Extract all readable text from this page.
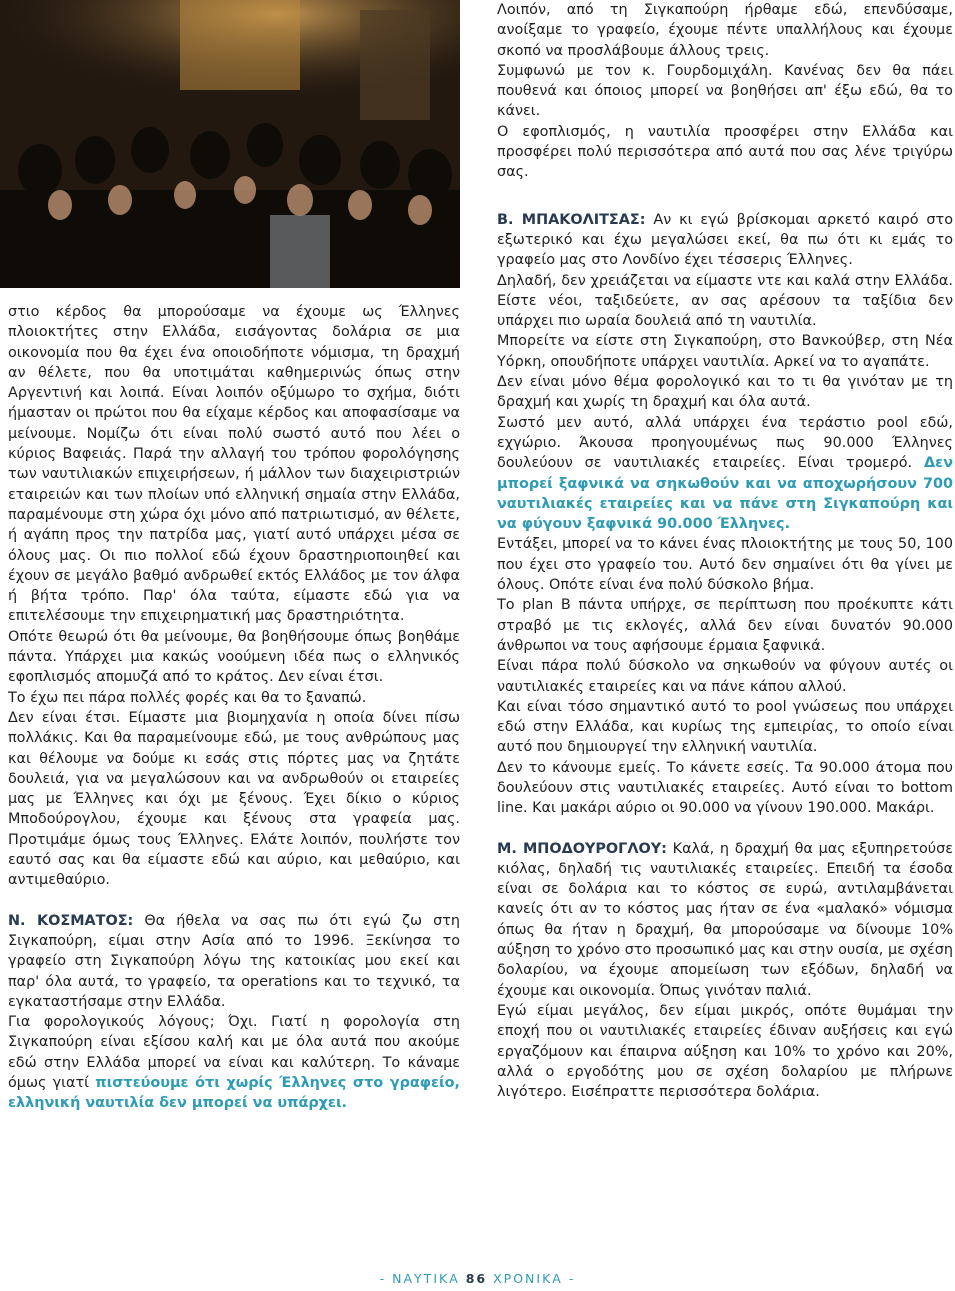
στιο κέρδος θα μπορούσαμε να έχουμε ως Έλληνες πλοιοκτήτες στην Ελλάδα, εισάγοντας δολάρια σε μια οικονομία που θα έχει ένα οποιοδήποτε νόμισμα, τη δραχμή αν θέλετε, που θα υποτιμάται καθημερινώς όπως στην Αργεντινή και λοιπά. Είναι λοιπόν οξύμωρο το σχήμα, διότι ήμασταν οι πρώτοι που θα είχαμε κέρδος και αποφασίσαμε να μείνουμε. Νομίζω ότι είναι πολύ σωστό αυτό που λέει ο κύριος Βαφειάς. Παρά την αλλαγή του τρόπου φορολόγησης των ναυτιλιακών επιχειρήσεων, ή μάλλον των διαχειριστριών εταιρειών και των πλοίων υπό ελληνική σημαία στην Ελλάδα, παραμένουμε στη χώρα όχι μόνο από πατριωτισμό, αν θέλετε, ή αγάπη προς την πατρίδα μας, γιατί αυτό υπάρχει μέσα σε όλους μας. Οι πιο πολλοί εδώ έχουν δραστηριοποιηθεί και έχουν σε μεγάλο βαθμό ανδρωθεί εκτός Ελλάδος με τον άλφα ή βήτα τρόπο. Παρ' όλα ταύτα, είμαστε εδώ για να επιτελέσουμε την επιχειρηματική μας δραστηριότητα.

Οπότε θεωρώ ότι θα μείνουμε, θα βοηθήσουμε όπως βοηθάμε πάντα. Υπάρχει μια κακώς νοούμενη ιδέα πως ο ελληνικός εφοπλισμός απομυζά από το κράτος. Δεν είναι έτσι.

Το έχω πει πάρα πολλές φορές και θα το ξαναπώ.

Δεν είναι έτσι. Είμαστε μια βιομηχανία η οποία δίνει πίσω πολλάκις. Και θα παραμείνουμε εδώ, με τους ανθρώπους μας και θέλουμε να δούμε κι εσάς στις πόρτες μας να ζητάτε δουλειά, για να μεγαλώσουν και να ανδρωθούν οι εταιρείες μας με Έλληνες και όχι με ξένους. Έχει δίκιο ο κύριος Μποδούρογλου, έχουμε και ξένους στα γραφεία μας. Προτιμάμε όμως τους Έλληνες. Ελάτε λοιπόν, πουλήστε τον εαυτό σας και θα είμαστε εδώ και αύριο, και μεθαύριο, και αντιμεθαύριο.

Ν. ΚΟΣΜΑΤΟΣ: Θα ήθελα να σας πω ότι εγώ ζω στη Σιγκαπούρη, είμαι στην Ασία από το 1996. Ξεκίνησα το γραφείο στη Σιγκαπούρη λόγω της κατοικίας μου εκεί και παρ' όλα αυτά, το γραφείο, τα operations και το τεχνικό, τα εγκαταστήσαμε στην Ελλάδα.

Για φορολογικούς λόγους; Όχι. Γιατί η φορολογία στη Σιγκαπούρη είναι εξίσου καλή και με όλα αυτά που ακούμε εδώ στην Ελλάδα μπορεί να είναι και καλύτερη. Το κάναμε όμως γιατί πιστεύουμε ότι χωρίς Έλληνες στο γραφείο, ελληνική ναυτιλία δεν μπορεί να υπάρχει.

Λοιπόν, από τη Σιγκαπούρη ήρθαμε εδώ, επενδύσαμε, ανοίξαμε το γραφείο, έχουμε πέντε υπαλλήλους και έχουμε σκοπό να προσλάβουμε άλλους τρεις.

Συμφωνώ με τον κ. Γουρδομιχάλη. Κανένας δεν θα πάει πουθενά και όποιος μπορεί να βοηθήσει απ' έξω εδώ, θα το κάνει.

Ο εφοπλισμός, η ναυτιλία προσφέρει στην Ελλάδα και προσφέρει πολύ περισσότερα από αυτά που σας λένε τριγύρω σας.

Β. ΜΠΑΚΟΛΙΤΣΑΣ: Αν κι εγώ βρίσκομαι αρκετό καιρό στο εξωτερικό και έχω μεγαλώσει εκεί, θα πω ότι κι εμάς το γραφείο μας στο Λονδίνο έχει τέσσερις Έλληνες.

Δηλαδή, δεν χρειάζεται να είμαστε ντε και καλά στην Ελλάδα. Είστε νέοι, ταξιδεύετε, αν σας αρέσουν τα ταξίδια δεν υπάρχει πιο ωραία δουλειά από τη ναυτιλία.

Μπορείτε να είστε στη Σιγκαπούρη, στο Βανκούβερ, στη Νέα Υόρκη, οπουδήποτε υπάρχει ναυτιλία. Αρκεί να το αγαπάτε.

Δεν είναι μόνο θέμα φορολογικό και το τι θα γινόταν με τη δραχμή και χωρίς τη δραχμή και όλα αυτά.

Σωστό μεν αυτό, αλλά υπάρχει ένα τεράστιο pool εδώ, εχγώριο. Άκουσα προηγουμένως πως 90.000 Έλληνες δουλεύουν σε ναυτιλιακές εταιρείες. Είναι τρομερό. Δεν μπορεί ξαφνικά να σηκωθούν και να αποχωρήσουν 700 ναυτιλιακές εταιρείες και να πάνε στη Σιγκαπούρη και να φύγουν ξαφνικά 90.000 Έλληνες.

Εντάξει, μπορεί να το κάνει ένας πλοιοκτήτης με τους 50, 100 που έχει στο γραφείο του. Αυτό δεν σημαίνει ότι θα γίνει με όλους. Οπότε είναι ένα πολύ δύσκολο βήμα.

Το plan B πάντα υπήρχε, σε περίπτωση που προέκυπτε κάτι στραβό με τις εκλογές, αλλά δεν είναι δυνατόν 90.000 άνθρωποι να τους αφήσουμε έρμαια ξαφνικά.

Είναι πάρα πολύ δύσκολο να σηκωθούν να φύγουν αυτές οι ναυτιλιακές εταιρείες και να πάνε κάπου αλλού.

Και είναι τόσο σημαντικό αυτό το pool γνώσεως που υπάρχει εδώ στην Ελλάδα, και κυρίως της εμπειρίας, το οποίο είναι αυτό που δημιουργεί την ελληνική ναυτιλία.

Δεν το κάνουμε εμείς. Το κάνετε εσείς. Τα 90.000 άτομα που δουλεύουν στις ναυτιλιακές εταιρείες. Αυτό είναι το bottom line. Και μακάρι αύριο οι 90.000 να γίνουν 190.000. Μακάρι.

Μ. ΜΠΟΔΟΥΡΟΓΛΟΥ: Καλά, η δραχμή θα μας εξυπηρετούσε κιόλας, δηλαδή τις ναυτιλιακές εταιρείες. Επειδή τα έσοδα είναι σε δολάρια και το κόστος σε ευρώ, αντιλαμβάνεται κανείς ότι αν το κόστος μας ήταν σε ένα «μαλακό» νόμισμα όπως θα ήταν η δραχμή, θα μπορούσαμε να δίνουμε 10% αύξηση το χρόνο στο προσωπικό μας και στην ουσία, με σχέση δολαρίου, να έχουμε απομείωση των εξόδων, δηλαδή να έχουμε και οικονομία. Όπως γινόταν παλιά.

Εγώ είμαι μεγάλος, δεν είμαι μικρός, οπότε θυμάμαι την εποχή που οι ναυτιλιακές εταιρείες έδιναν αυξήσεις και εγώ εργαζόμουν και έπαιρνα αύξηση και 10% το χρόνο και 20%, αλλά ο εργοδότης μου σε σχέση δολαρίου με πλήρωνε λιγότερο. Εισέπραττε περισσότερα δολάρια.

- ΝΑΥΤΙΚΑ 86 ΧΡΟΝΙΚΑ -
